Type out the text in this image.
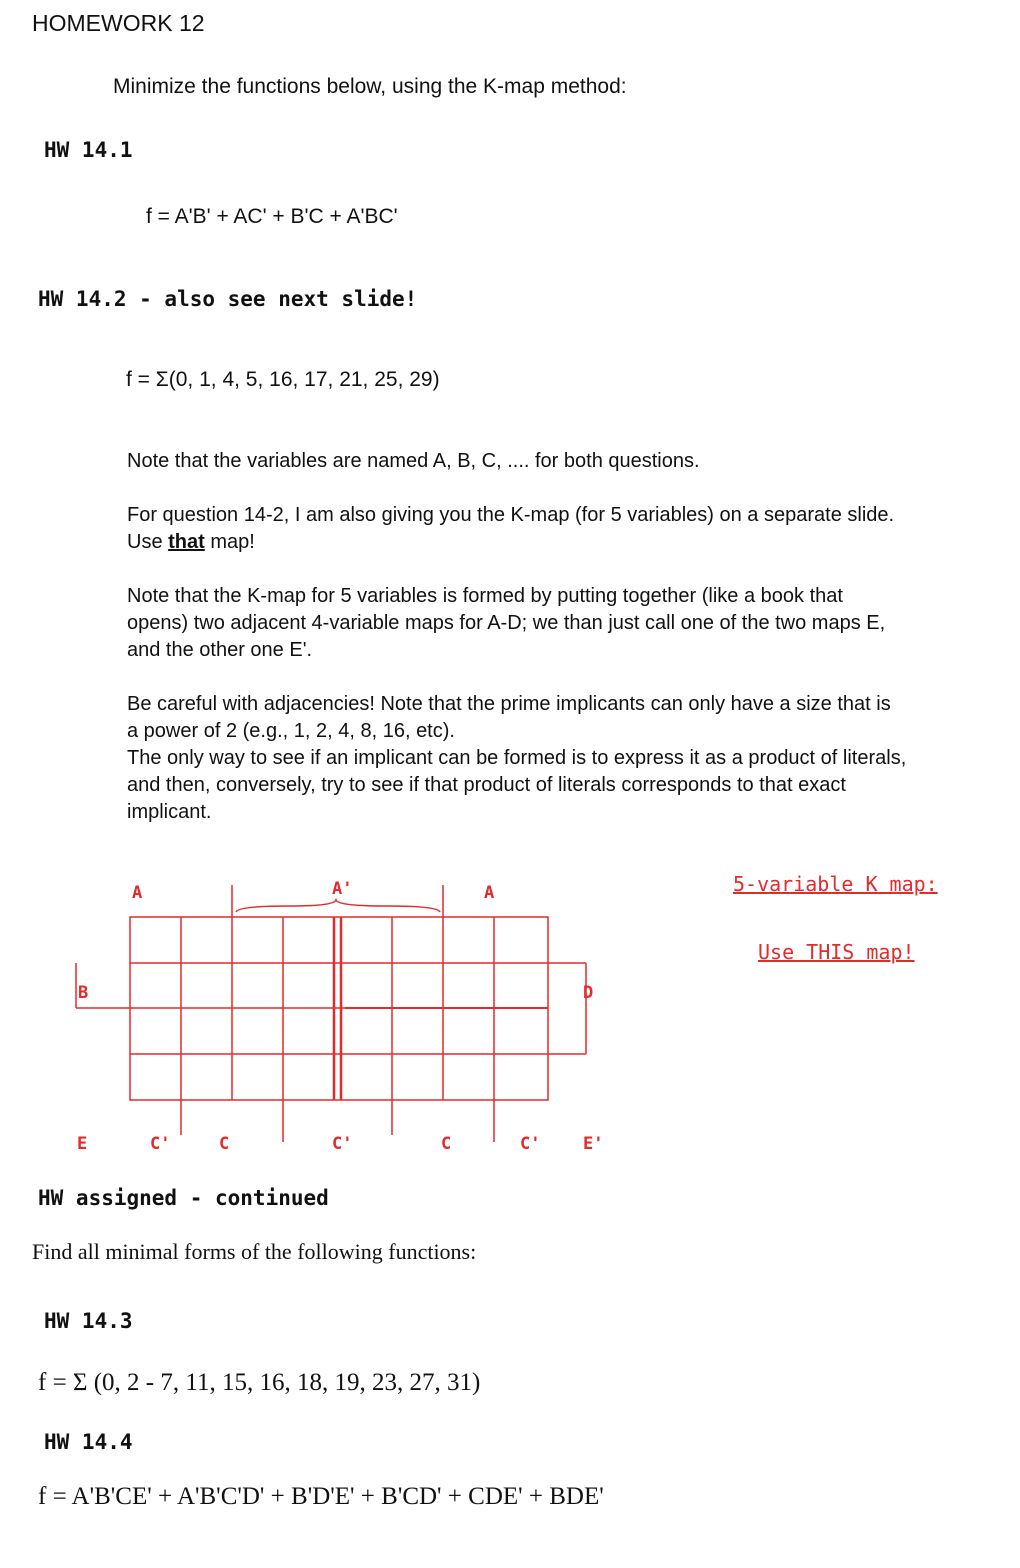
HOMEWORK 12
Minimize the functions below, using the K-map method:
HW 14.1
f = A'B' + AC' + B'C + A'BC'
HW 14.2 - also see next slide!
f = Σ(0, 1, 4, 5, 16, 17, 21, 25, 29)
Note that the variables are named A, B, C, .... for both questions.
For question 14-2, I am also giving you the K-map (for 5 variables) on a separate slide. Use that map!
Note that the K-map for 5 variables is formed by putting together (like a book that opens) two adjacent 4-variable maps for A-D; we than just call one of the two maps E, and the other one E'.
Be careful with adjacencies! Note that the prime implicants can only have a size that is a power of 2 (e.g., 1, 2, 4, 8, 16, etc).
The only way to see if an implicant can be formed is to express it as a product of literals, and then, conversely, try to see if that product of literals corresponds to that exact implicant.
A	A'	A
B	D
E	C'	C	C'	C	C'	E'
5-variable K map:
Use THIS map!
HW assigned - continued
Find all minimal forms of the following functions:
HW 14.3
f = Σ (0, 2 - 7, 11, 15, 16, 18, 19, 23, 27, 31)
HW 14.4
f = A'B'CE' + A'B'C'D' + B'D'E' + B'CD' + CDE' + BDE'
